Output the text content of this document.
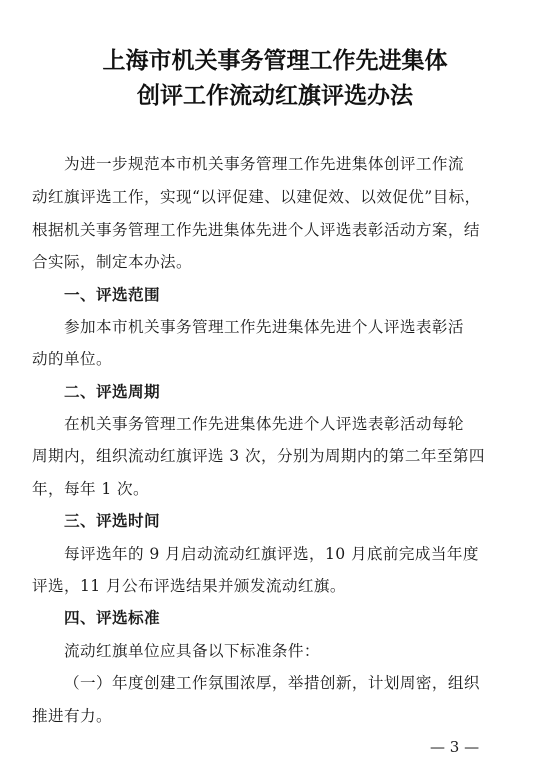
上海市机关事务管理工作先进集体
创评工作流动红旗评选办法
为进一步规范本市机关事务管理工作先进集体创评工作流
动红旗评选工作，实现“以评促建、以建促效、以效促优”目标，
根据机关事务管理工作先进集体先进个人评选表彰活动方案，结
合实际，制定本办法。
一、评选范围
参加本市机关事务管理工作先进集体先进个人评选表彰活
动的单位。
二、评选周期
在机关事务管理工作先进集体先进个人评选表彰活动每轮
周期内，组织流动红旗评选 3 次，分别为周期内的第二年至第四
年，每年 1 次。
三、评选时间
每评选年的 9 月启动流动红旗评选，10 月底前完成当年度
评选，11 月公布评选结果并颁发流动红旗。
四、评选标准
流动红旗单位应具备以下标准条件：
（一）年度创建工作氛围浓厚，举措创新，计划周密，组织
推进有力。
— 3 —
